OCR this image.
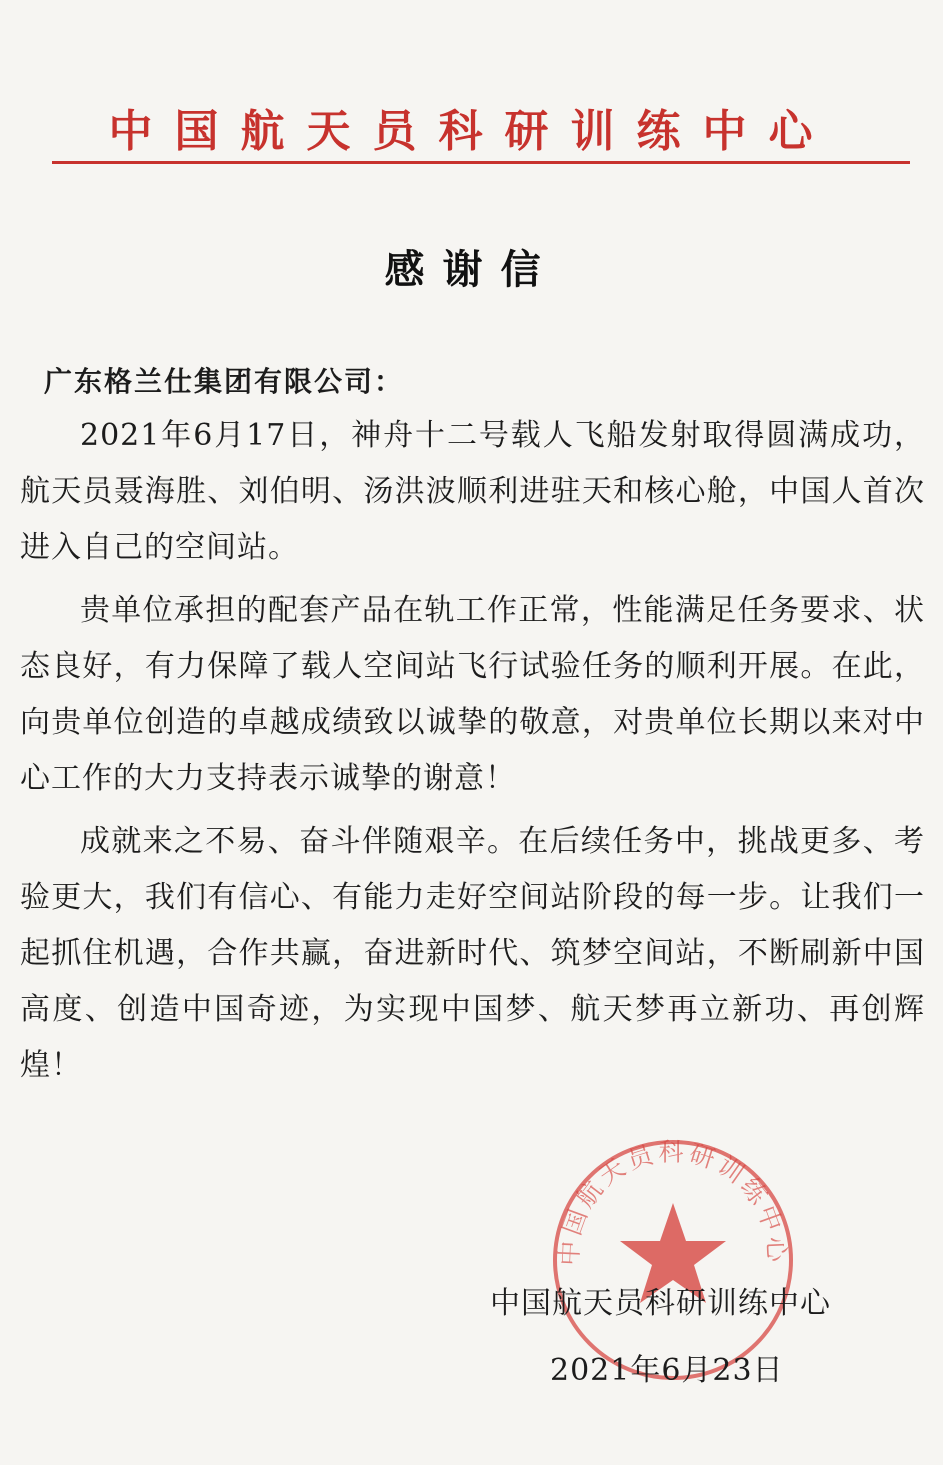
中国航天员科研训练中心
感谢信
广东格兰仕集团有限公司：

2021年6月17日，神舟十二号载人飞船发射取得圆满成功，航天员聂海胜、刘伯明、汤洪波顺利进驻天和核心舱，中国人首次进入自己的空间站。

贵单位承担的配套产品在轨工作正常，性能满足任务要求、状态良好，有力保障了载人空间站飞行试验任务的顺利开展。在此，向贵单位创造的卓越成绩致以诚挚的敬意，对贵单位长期以来对中心工作的大力支持表示诚挚的谢意！

成就来之不易、奋斗伴随艰辛。在后续任务中，挑战更多、考验更大，我们有信心、有能力走好空间站阶段的每一步。让我们一起抓住机遇，合作共赢，奋进新时代、筑梦空间站，不断刷新中国高度、创造中国奇迹，为实现中国梦、航天梦再立新功、再创辉煌！

中国航天员科研训练中心
中国航天员科研训练中心
2021年6月23日
